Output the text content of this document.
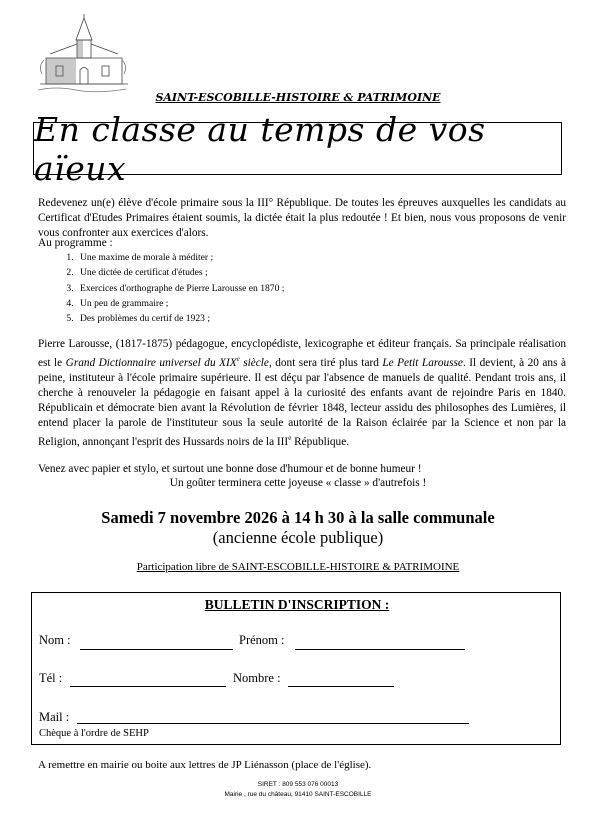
SAINT-ESCOBILLE-HISTOIRE & PATRIMOINE
En classe au temps de vos aïeux
Redevenez un(e) élève d'école primaire sous la III° République. De toutes les épreuves auxquelles les candidats au Certificat d'Etudes Primaires étaient soumis, la dictée était la plus redoutée ! Et bien, nous vous proposons de venir vous confronter aux exercices d'alors.
Au programme :
1. Une maxime de morale à méditer ;
2. Une dictée de certificat d'études ;
3. Exercices d'orthographe de Pierre Larousse en 1870 ;
4. Un peu de grammaire ;
5. Des problèmes du certif de 1923 ;
Pierre Larousse, (1817-1875) pédagogue, encyclopédiste, lexicographe et éditeur français. Sa principale réalisation est le Grand Dictionnaire universel du XIXe siècle, dont sera tiré plus tard Le Petit Larousse. Il devient, à 20 ans à peine, instituteur à l'école primaire supérieure. Il est déçu par l'absence de manuels de qualité. Pendant trois ans, il cherche à renouveler la pédagogie en faisant appel à la curiosité des enfants avant de rejoindre Paris en 1840. Républicain et démocrate bien avant la Révolution de février 1848, lecteur assidu des philosophes des Lumières, il entend placer la parole de l'instituteur sous la seule autorité de la Raison éclairée par la Science et non par la Religion, annonçant l'esprit des Hussards noirs de la IIIe République.
Venez avec papier et stylo, et surtout une bonne dose d'humour et de bonne humeur !
Un goûter terminera cette joyeuse « classe » d'autrefois !
Samedi 7 novembre 2026 à 14 h 30 à la salle communale
(ancienne école publique)
Participation libre de SAINT-ESCOBILLE-HISTOIRE & PATRIMOINE
BULLETIN D'INSCRIPTION :
Nom :	Prénom :
Tél :	Nombre :
Mail :
Chèque à l'ordre de SEHP
A remettre en mairie ou boite aux lettres de JP Liénasson (place de l'église).
SIRET : 809 553 076 00013
Mairie , rue du château, 91410 SAINT-ESCOBILLE
